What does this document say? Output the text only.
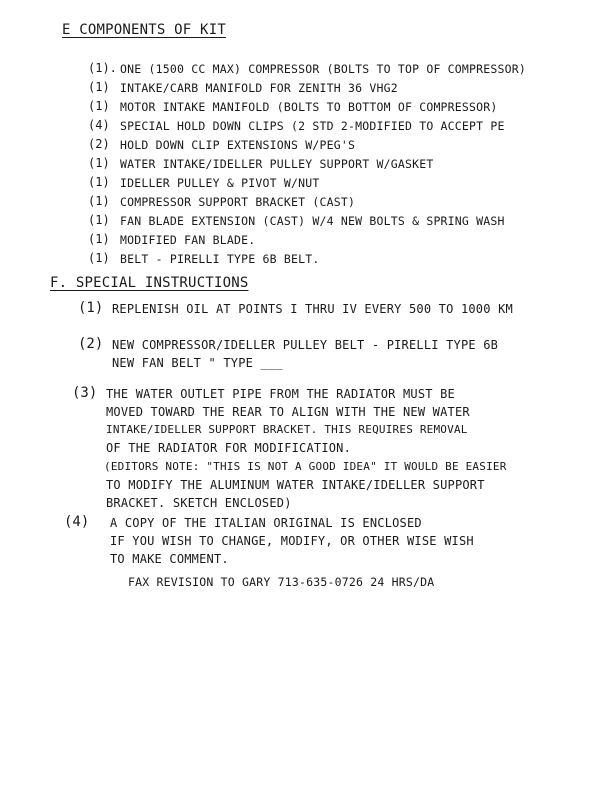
E COMPONENTS OF KIT
(1). ONE (1500 CC MAX) COMPRESSOR (BOLTS TO TOP OF COMPRESSOR)
(1) INTAKE/CARB MANIFOLD FOR ZENITH 36 VHG2
(1) MOTOR INTAKE MANIFOLD (BOLTS TO BOTTOM OF COMPRESSOR)
(4) SPECIAL HOLD DOWN CLIPS (2 STD 2-MODIFIED TO ACCEPT PE
(2) HOLD DOWN CLIP EXTENSIONS W/PEG'S
(1) WATER INTAKE/IDELLER PULLEY SUPPORT W/GASKET
(1) IDELLER PULLEY & PIVOT W/NUT
(1) COMPRESSOR SUPPORT BRACKET (CAST)
(1) FAN BLADE EXTENSION (CAST) W/4 NEW BOLTS & SPRING WASH
(1) MODIFIED FAN BLADE.
(1) BELT - PIRELLI TYPE 6B BELT.
F. SPECIAL INSTRUCTIONS
(1) REPLENISH OIL AT POINTS I THRU IV EVERY 500 TO 1000 KM
(2) NEW COMPRESSOR/IDELLER PULLEY BELT - PIRELLI TYPE 6B
NEW FAN BELT " TYPE ___
(3) THE WATER OUTLET PIPE FROM THE RADIATOR MUST BE
MOVED TOWARD THE REAR TO ALIGN WITH THE NEW WATER
INTAKE/IDELLER SUPPORT BRACKET. THIS REQUIRES REMOVAL
OF THE RADIATOR FOR MODIFICATION.
(EDITORS NOTE: "THIS IS NOT A GOOD IDEA" IT WOULD BE EASIER
TO MODIFY THE ALUMINUM WATER INTAKE/IDELLER SUPPORT
BRACKET. SKETCH ENCLOSED)
(4) A COPY OF THE ITALIAN ORIGINAL IS ENCLOSED
IF YOU WISH TO CHANGE, MODIFY, OR OTHER WISE WISH
TO MAKE COMMENT.
FAX REVISION TO GARY 713-635-0726 24 HRS/DA
